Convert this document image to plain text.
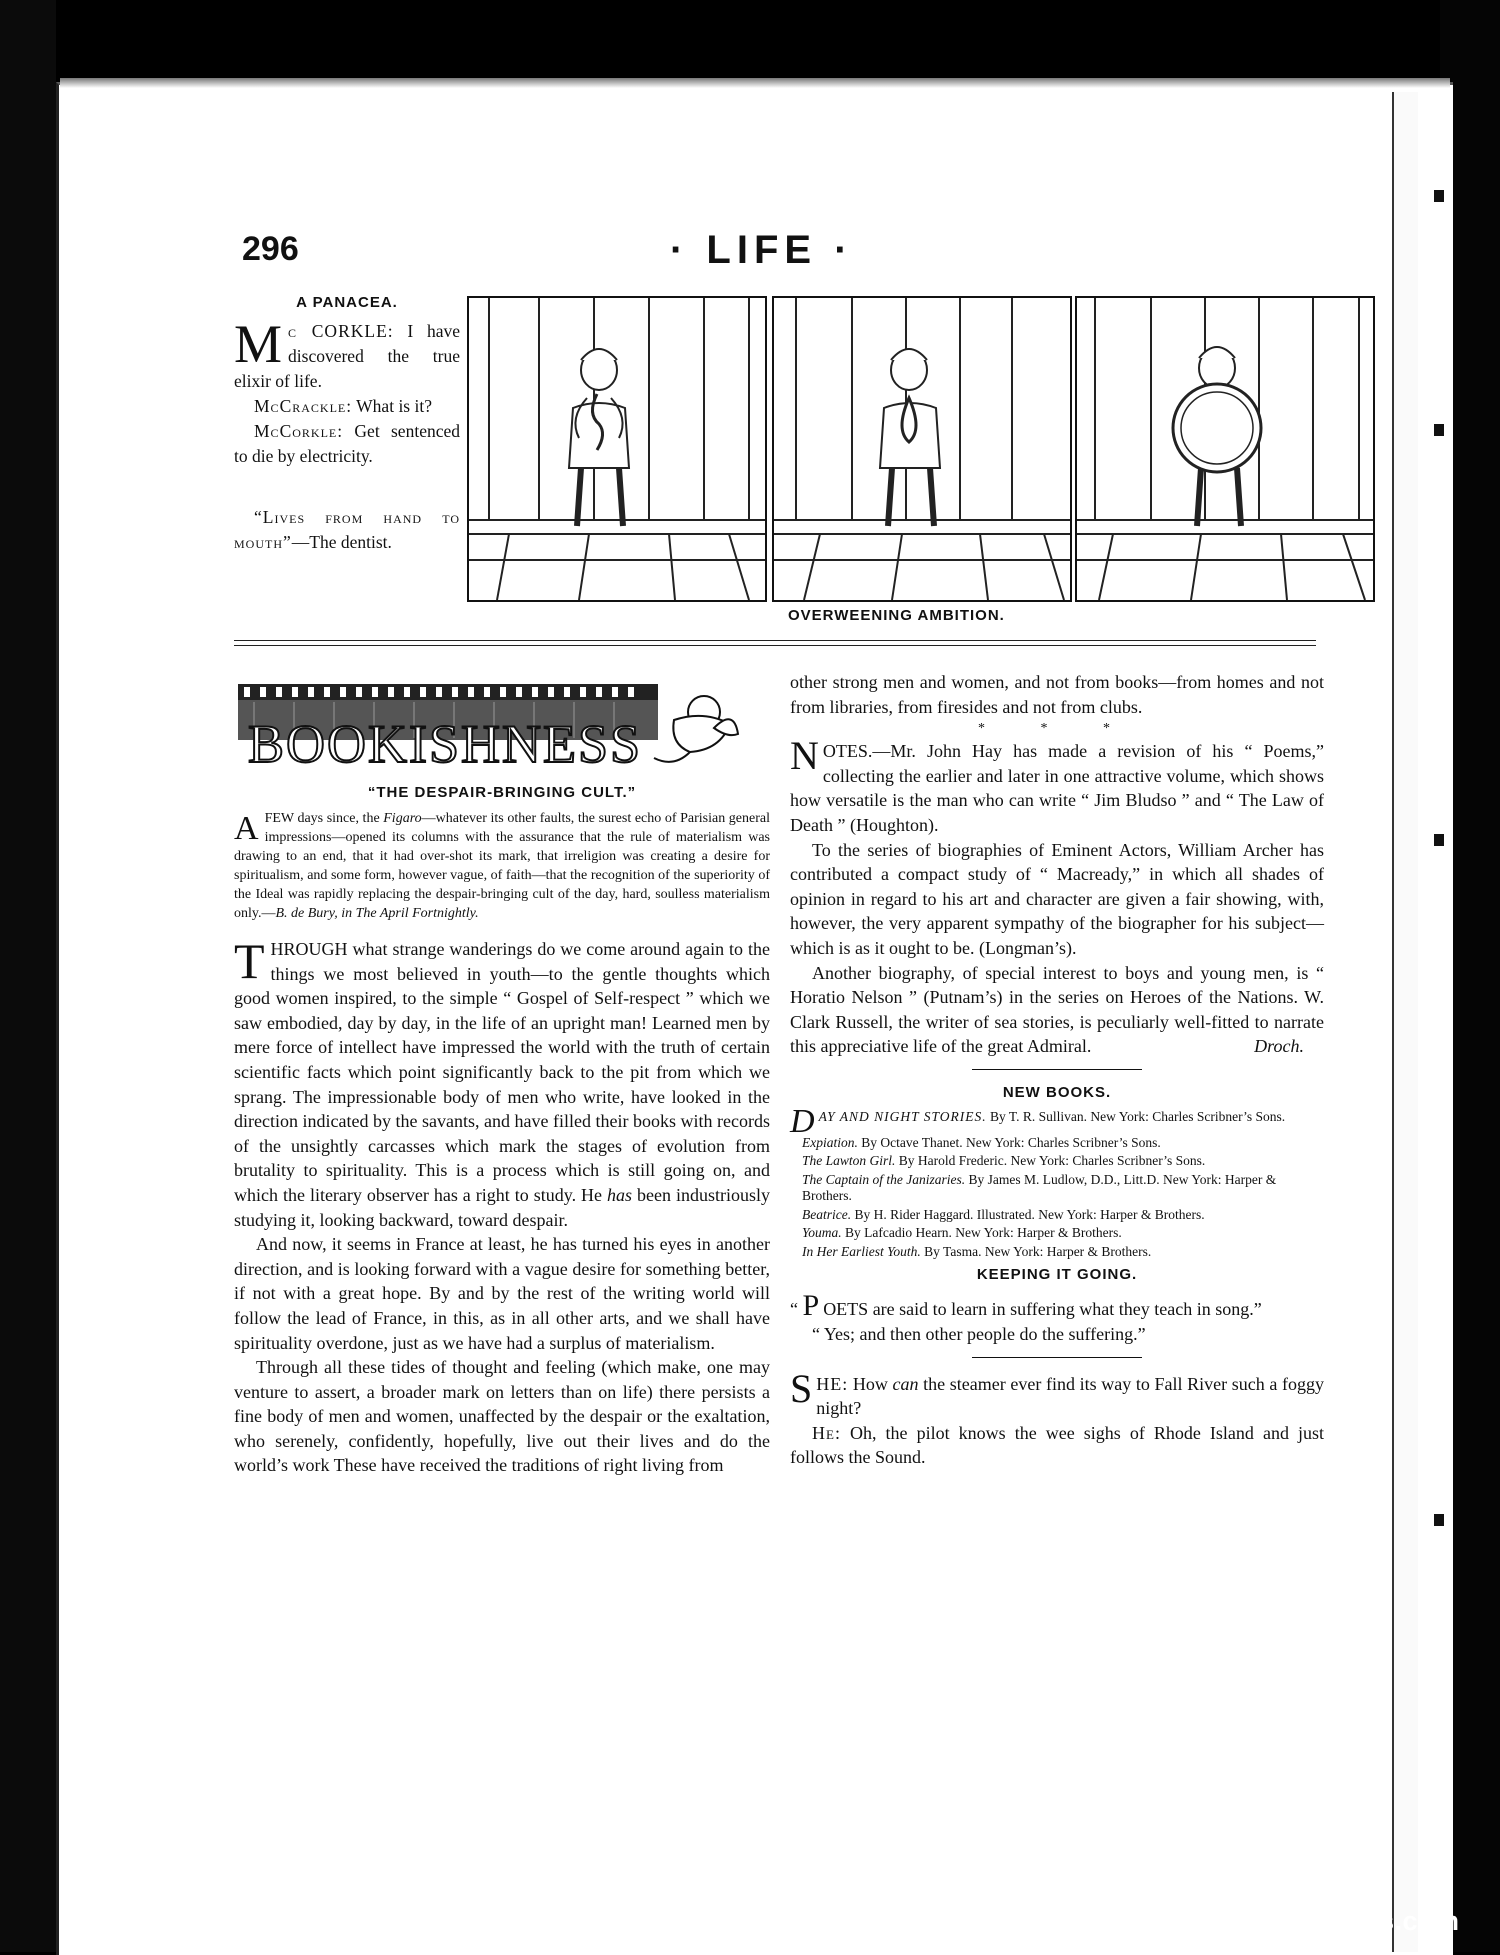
296	· LIFE ·
A PANACEA.

Mc CORKLE: I have discovered the true elixir of life.

McCrackle: What is it?

McCorkle: Get sentenced to die by electricity.

“Lives from hand to mouth”—The dentist.

OVERWEENING AMBITION.
BOOKISHNESS
“THE DESPAIR-BRINGING CULT.”
A FEW days since, the Figaro—whatever its other faults, the surest echo of Parisian general impressions—opened its columns with the assurance that the rule of materialism was drawing to an end, that it had over-shot its mark, that irreligion was creating a desire for spiritualism, and some form, however vague, of faith—that the recognition of the superiority of the Ideal was rapidly replacing the despair-bringing cult of the day, hard, soulless materialism only.—B. de Bury, in The April Fortnightly.

THROUGH what strange wanderings do we come around again to the things we most believed in youth—to the gentle thoughts which good women inspired, to the simple “ Gospel of Self-respect ” which we saw embodied, day by day, in the life of an upright man! Learned men by mere force of intellect have impressed the world with the truth of certain scientific facts which point significantly back to the pit from which we sprang. The impressionable body of men who write, have looked in the direction indicated by the savants, and have filled their books with records of the unsightly carcasses which mark the stages of evolution from brutality to spirituality. This is a process which is still going on, and which the literary observer has a right to study. He has been industriously studying it, looking backward, toward despair.

And now, it seems in France at least, he has turned his eyes in another direction, and is looking forward with a vague desire for something better, if not with a great hope. By and by the rest of the writing world will follow the lead of France, in this, as in all other arts, and we shall have spirituality overdone, just as we have had a surplus of materialism.

Through all these tides of thought and feeling (which make, one may venture to assert, a broader mark on letters than on life) there persists a fine body of men and women, unaffected by the despair or the exaltation, who serenely, confidently, hopefully, live out their lives and do the world’s work These have received the traditions of right living from

other strong men and women, and not from books—from homes and not from libraries, from firesides and not from clubs.

* * *

NOTES.—Mr. John Hay has made a revision of his “ Poems,” collecting the earlier and later in one attractive volume, which shows how versatile is the man who can write “ Jim Bludso ” and “ The Law of Death ” (Houghton).

To the series of biographies of Eminent Actors, William Archer has contributed a compact study of “ Macready,” in which all shades of opinion in regard to his art and character are given a fair showing, with, however, the very apparent sympathy of the biographer for his subject—which is as it ought to be. (Longman’s).

Another biography, of special interest to boys and young men, is “ Horatio Nelson ” (Putnam’s) in the series on Heroes of the Nations. W. Clark Russell, the writer of sea stories, is peculiarly well-fitted to narrate this appreciative life of the great Admiral.	Droch.

NEW BOOKS.
DAY AND NIGHT STORIES. By T. R. Sullivan. New York: Charles Scribner’s Sons.
Expiation. By Octave Thanet. New York: Charles Scribner’s Sons.
The Lawton Girl. By Harold Frederic. New York: Charles Scribner’s Sons.
The Captain of the Janizaries. By James M. Ludlow, D.D., Litt.D. New York: Harper & Brothers.
Beatrice. By H. Rider Haggard. Illustrated. New York: Harper & Brothers.
Youma. By Lafcadio Hearn. New York: Harper & Brothers.
In Her Earliest Youth. By Tasma. New York: Harper & Brothers.
KEEPING IT GOING.

“ P OETS are said to learn in suffering what they teach in song.”

“ Yes; and then other people do the suffering.”

SHE: How can the steamer ever find its way to Fall River such a foggy night?

He: Oh, the pilot knows the wee sighs of Rhode Island and just follows the Sound.

comicbooks.com
